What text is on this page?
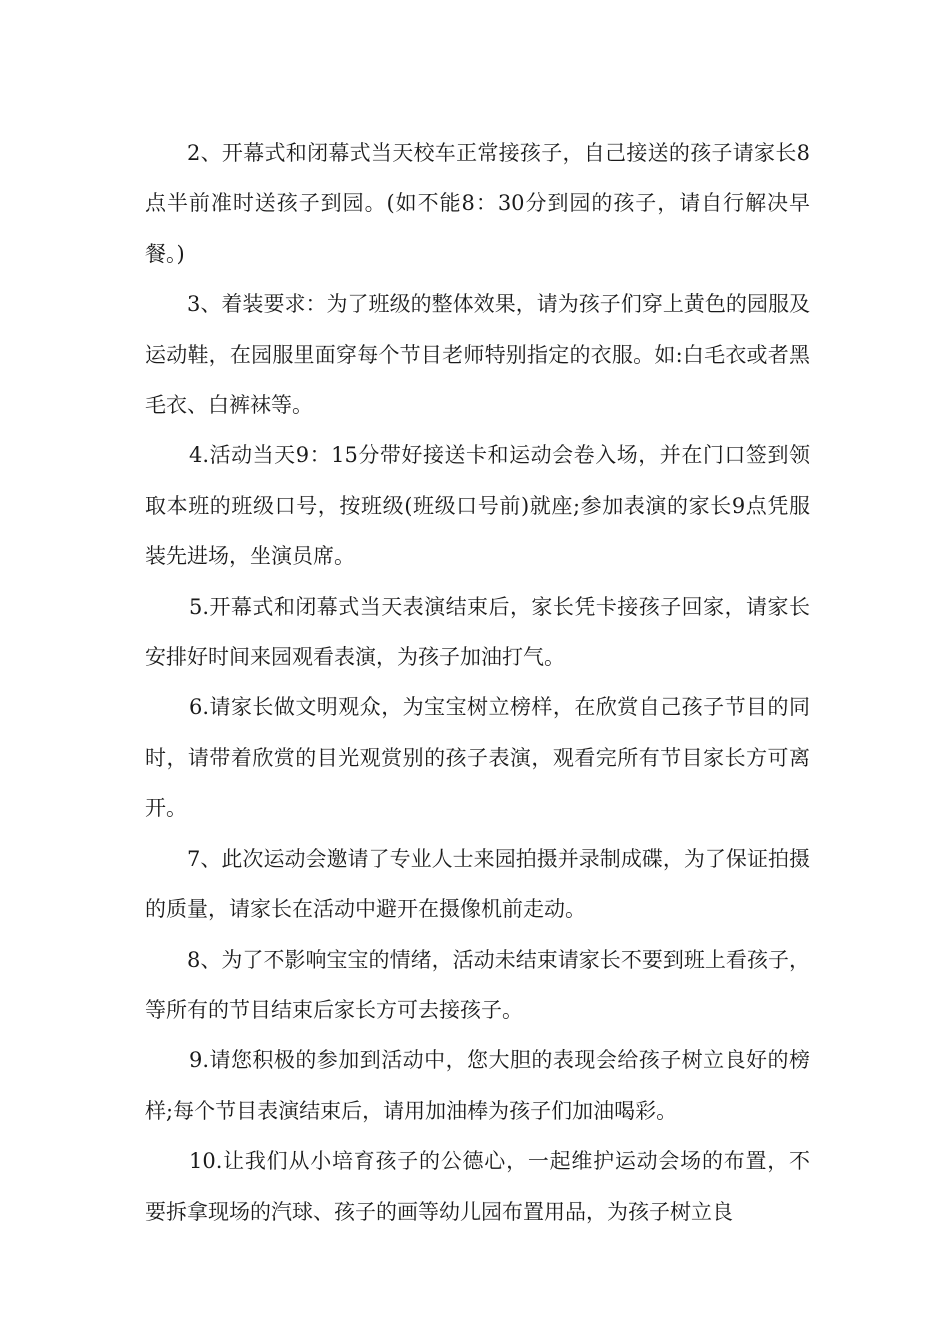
2、开幕式和闭幕式当天校车正常接孩子，自己接送的孩子请家长8点半前准时送孩子到园。(如不能8：30分到园的孩子，请自行解决早餐。)

3、着装要求：为了班级的整体效果，请为孩子们穿上黄色的园服及运动鞋，在园服里面穿每个节目老师特别指定的衣服。如:白毛衣或者黑毛衣、白裤袜等。

4.活动当天9：15分带好接送卡和运动会卷入场，并在门口签到领取本班的班级口号，按班级(班级口号前)就座;参加表演的家长9点凭服装先进场，坐演员席。

5.开幕式和闭幕式当天表演结束后，家长凭卡接孩子回家，请家长安排好时间来园观看表演，为孩子加油打气。

6.请家长做文明观众，为宝宝树立榜样，在欣赏自己孩子节目的同时，请带着欣赏的目光观赏别的孩子表演，观看完所有节目家长方可离开。

7、此次运动会邀请了专业人士来园拍摄并录制成碟，为了保证拍摄的质量，请家长在活动中避开在摄像机前走动。

8、为了不影响宝宝的情绪，活动未结束请家长不要到班上看孩子，等所有的节目结束后家长方可去接孩子。

9.请您积极的参加到活动中，您大胆的表现会给孩子树立良好的榜样;每个节目表演结束后，请用加油棒为孩子们加油喝彩。

10.让我们从小培育孩子的公德心，一起维护运动会场的布置，不要拆拿现场的汽球、孩子的画等幼儿园布置用品，为孩子树立良
